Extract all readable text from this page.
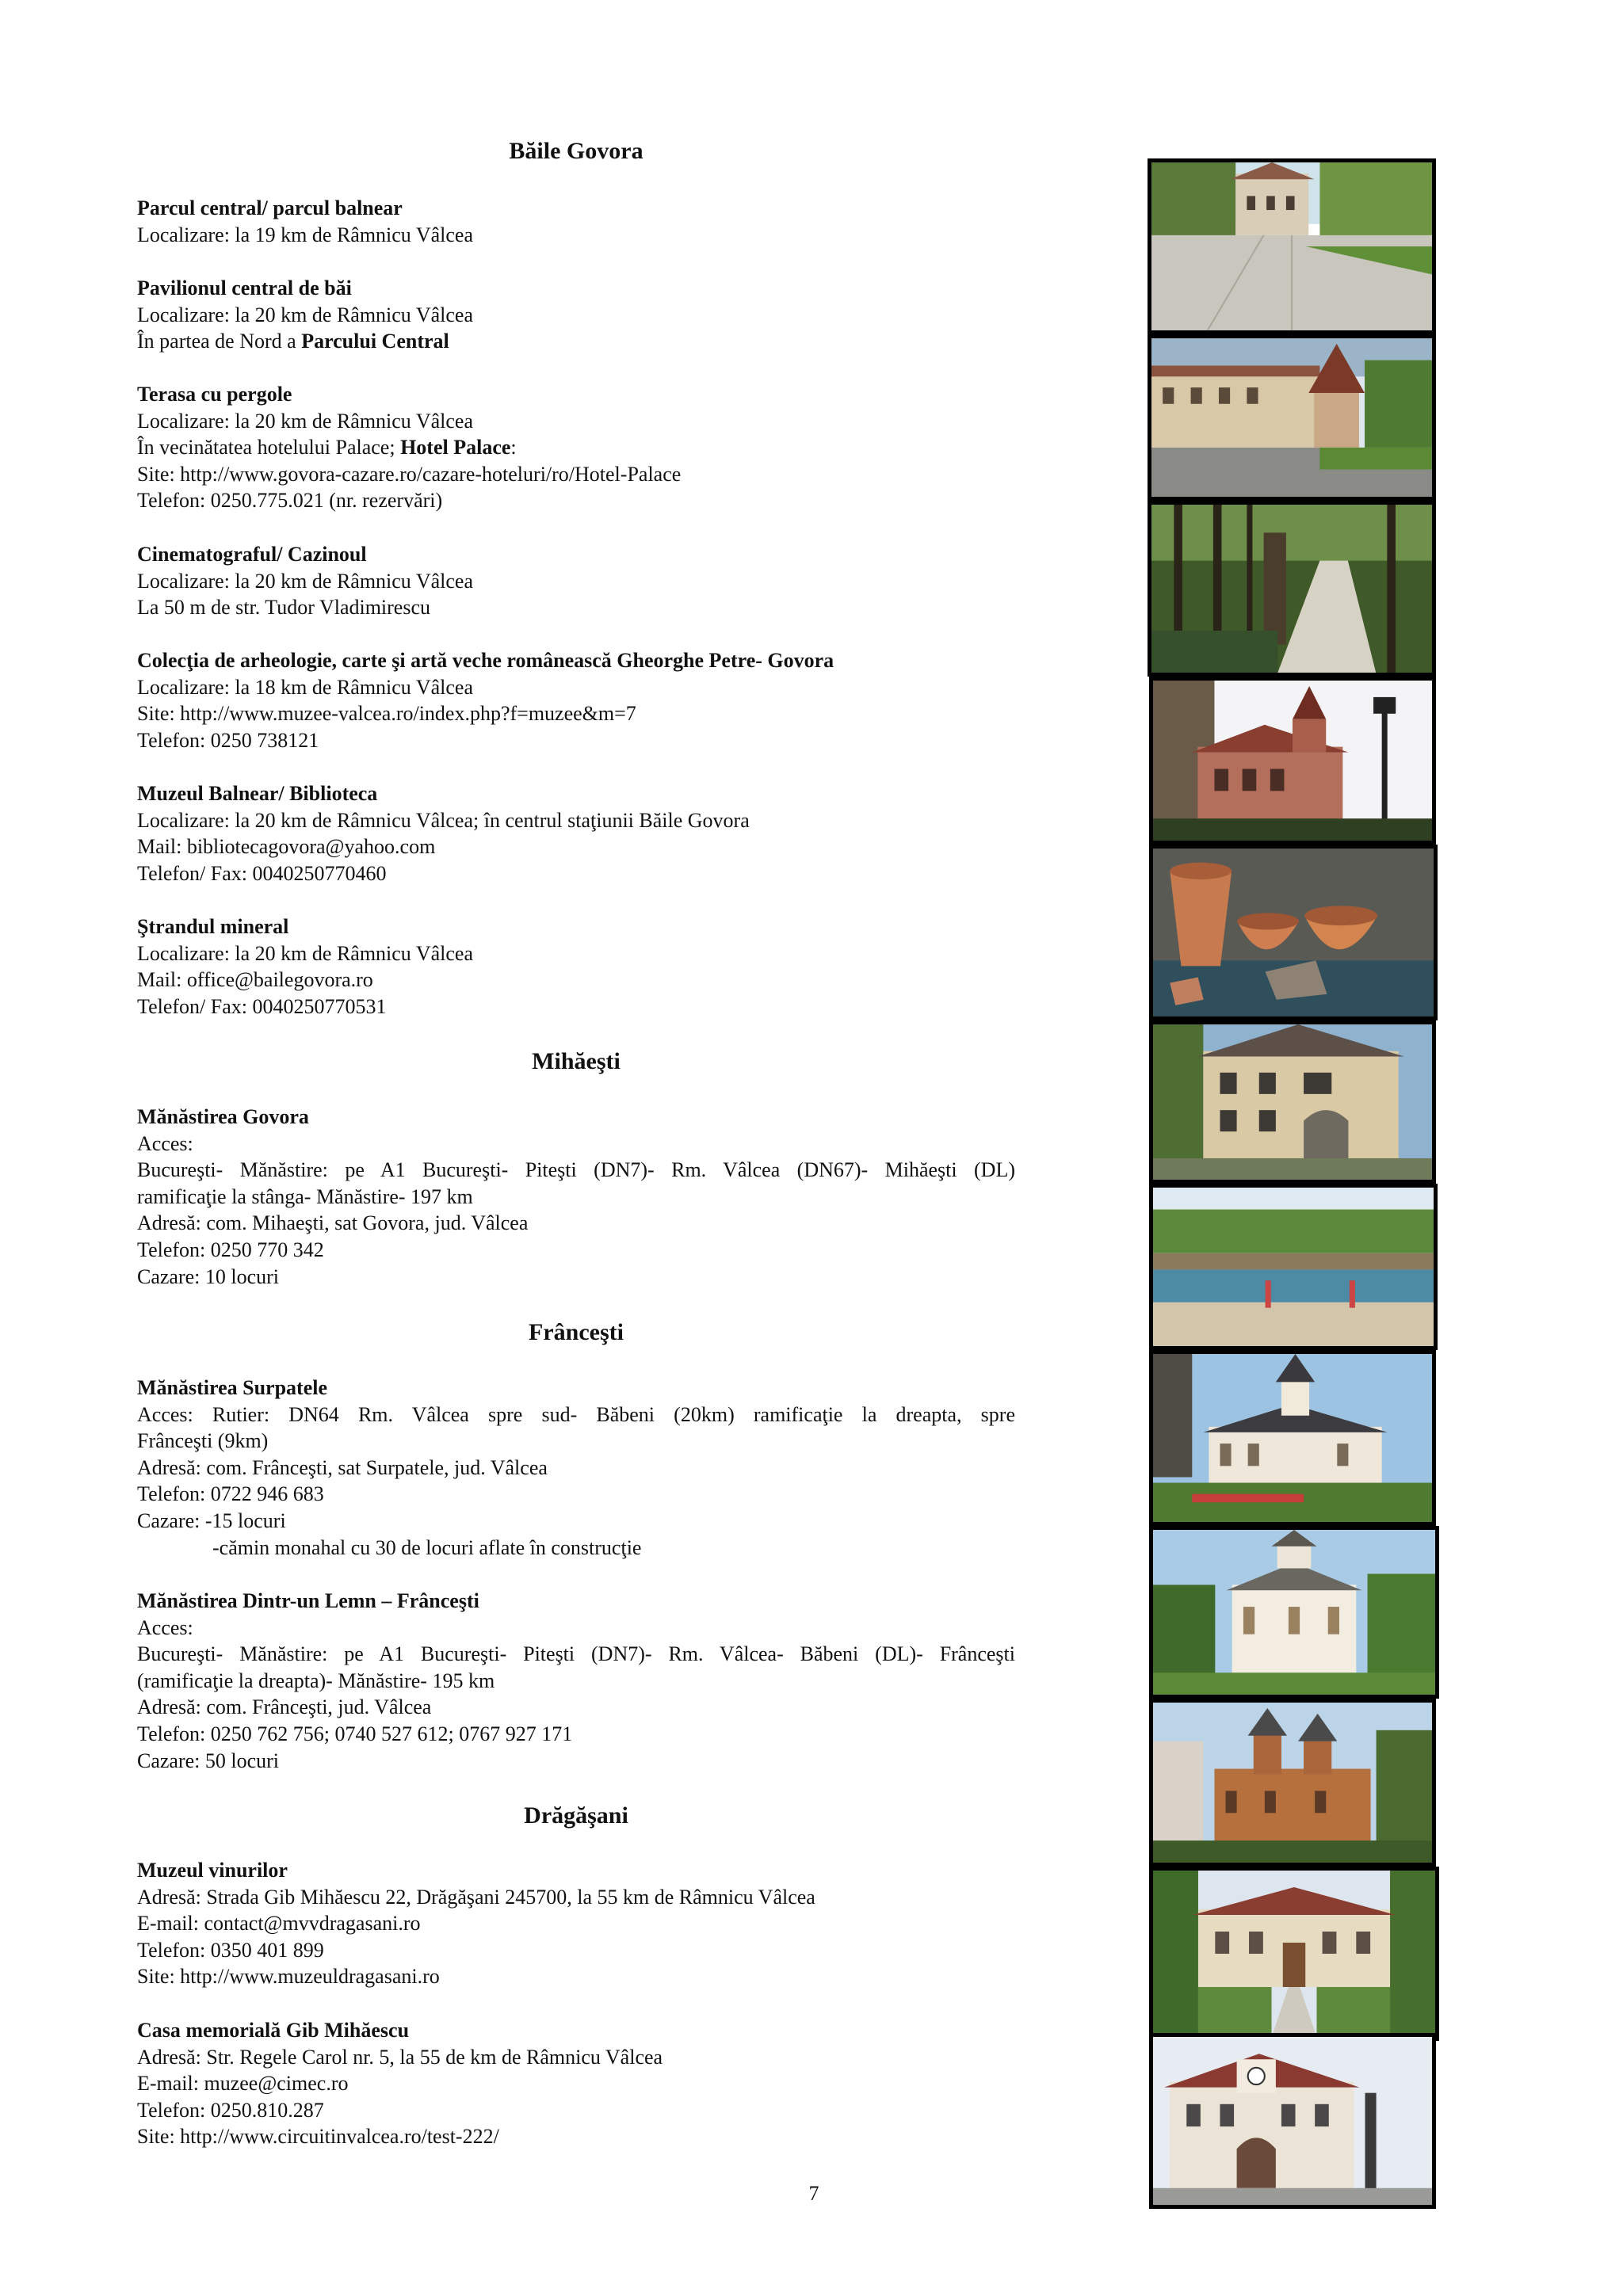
Băile Govora
Parcul central/ parcul balnear
Localizare: la 19 km de Râmnicu Vâlcea
Pavilionul central de băi
Localizare: la 20 km de Râmnicu Vâlcea
În partea de Nord a Parcului Central
Terasa cu pergole
Localizare: la 20 km de Râmnicu Vâlcea
În vecinătatea hotelului Palace; Hotel Palace:
Site: http://www.govora-cazare.ro/cazare-hoteluri/ro/Hotel-Palace
Telefon: 0250.775.021 (nr. rezervări)
Cinematograful/ Cazinoul
Localizare: la 20 km de Râmnicu Vâlcea
La 50 m de str. Tudor Vladimirescu
Colecţia de arheologie, carte şi artă veche românească Gheorghe Petre- Govora
Localizare: la 18 km de Râmnicu Vâlcea
Site: http://www.muzee-valcea.ro/index.php?f=muzee&m=7
Telefon: 0250 738121
Muzeul Balnear/ Biblioteca
Localizare: la 20 km de Râmnicu Vâlcea; în centrul staţiunii Băile Govora
Mail: bibliotecagovora@yahoo.com
Telefon/ Fax: 0040250770460
Ştrandul mineral
Localizare: la 20 km de Râmnicu Vâlcea
Mail: office@bailegovora.ro
Telefon/ Fax: 0040250770531
Mihăeşti
Mănăstirea Govora
Acces:
Bucureşti- Mănăstire: pe A1 Bucureşti- Piteşti (DN7)- Rm. Vâlcea (DN67)- Mihăeşti (DL)
ramificaţie la stânga- Mănăstire- 197 km
Adresă: com. Mihaeşti, sat Govora, jud. Vâlcea
Telefon: 0250 770 342
Cazare: 10 locuri
Frânceşti
Mănăstirea Surpatele
Acces: Rutier: DN64 Rm. Vâlcea spre sud- Băbeni (20km) ramificaţie la dreapta, spre
Frânceşti (9km)
Adresă: com. Frânceşti, sat Surpatele, jud. Vâlcea
Telefon: 0722 946 683
Cazare: -15 locuri
-cămin monahal cu 30 de locuri aflate în construcţie
Mănăstirea Dintr-un Lemn – Frânceşti
Acces:
Bucureşti- Mănăstire: pe A1 Bucureşti- Piteşti (DN7)- Rm. Vâlcea- Băbeni (DL)- Frânceşti
(ramificaţie la dreapta)- Mănăstire- 195 km
Adresă: com. Frânceşti, jud. Vâlcea
Telefon: 0250 762 756; 0740 527 612; 0767 927 171
Cazare: 50 locuri
Drăgăşani
Muzeul vinurilor
Adresă: Strada Gib Mihăescu 22, Drăgăşani 245700, la 55 km de Râmnicu Vâlcea
E-mail: contact@mvvdragasani.ro
Telefon: 0350 401 899
Site: http://www.muzeuldragasani.ro
Casa memorială Gib Mihăescu
Adresă: Str. Regele Carol nr. 5, la 55 de km de Râmnicu Vâlcea
E-mail: muzee@cimec.ro
Telefon: 0250.810.287
Site: http://www.circuitinvalcea.ro/test-222/
7
